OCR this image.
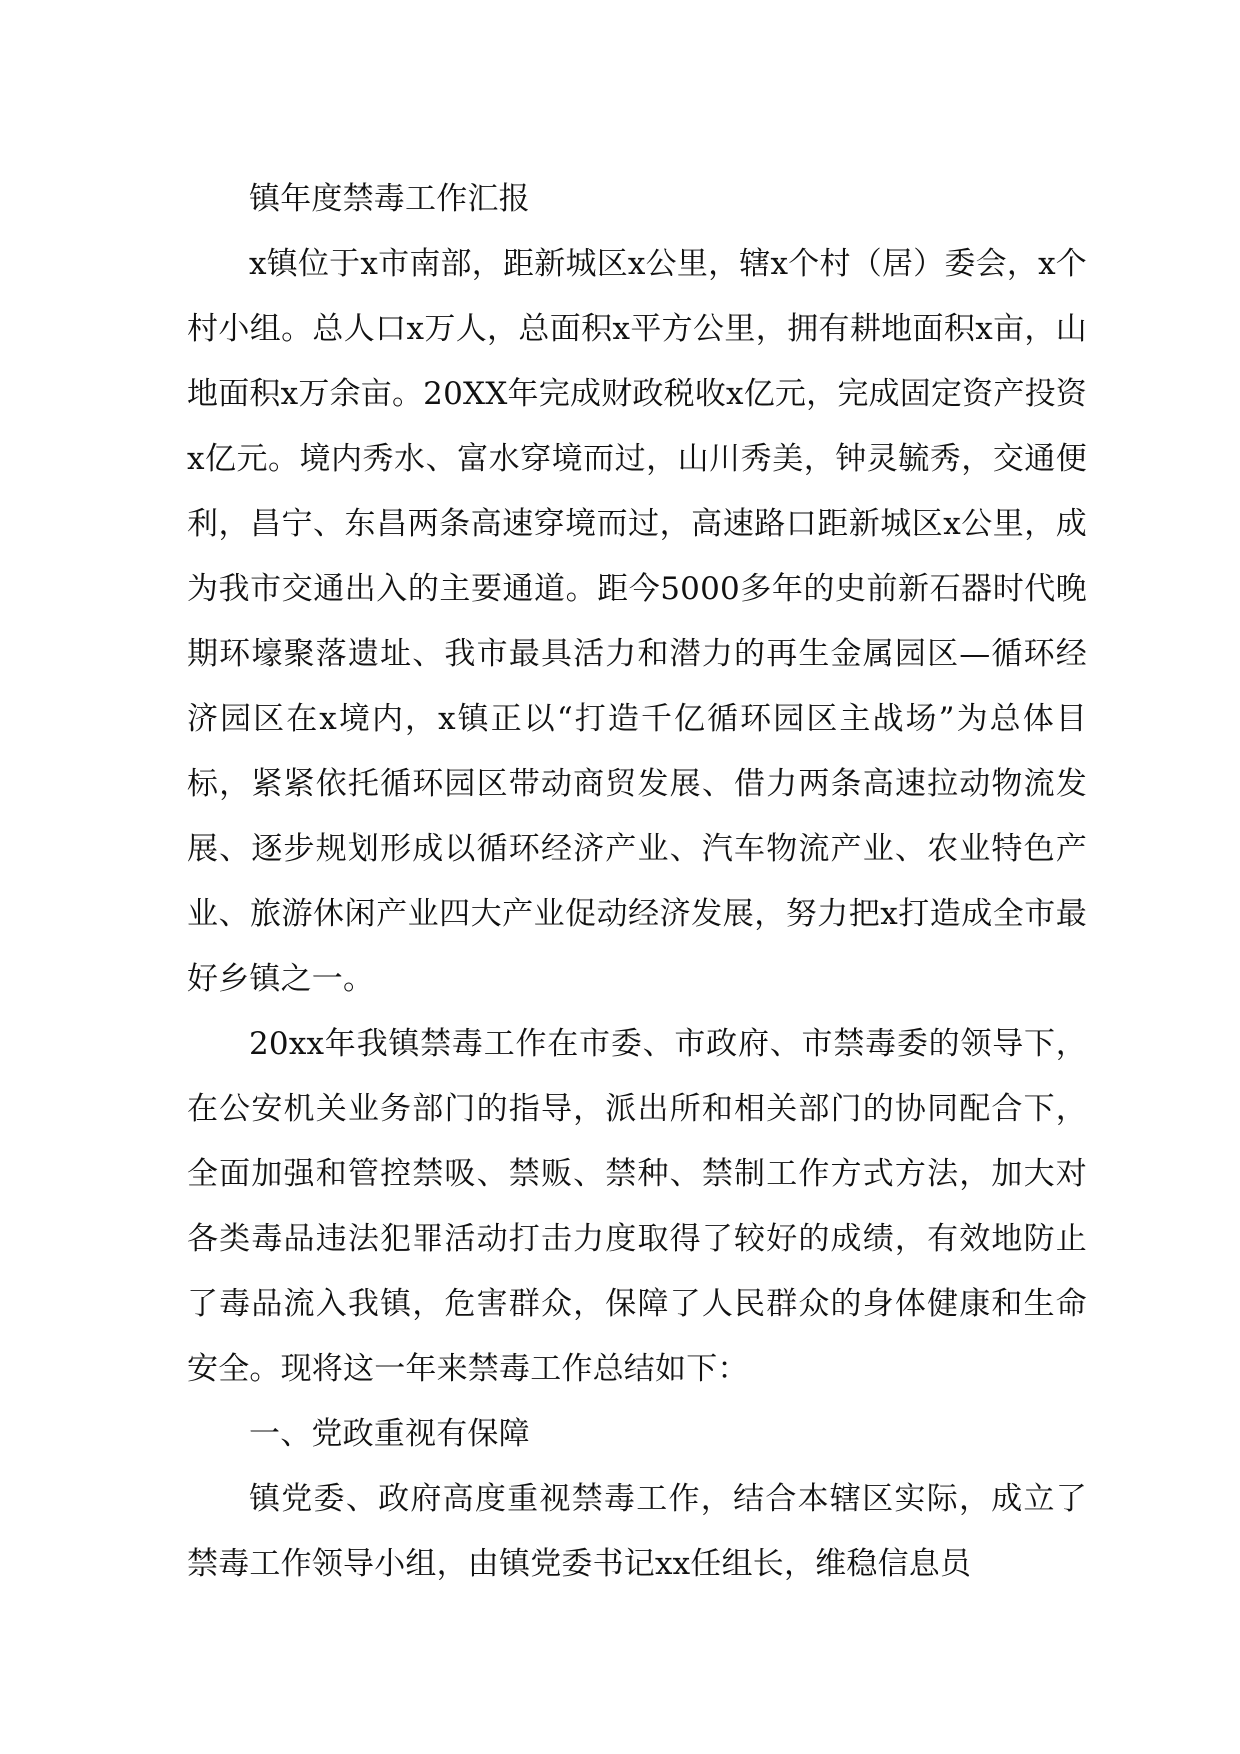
镇年度禁毒工作汇报

x镇位于x市南部，距新城区x公里，辖x个村（居）委会，x个村小组。总人口x万人，总面积x平方公里，拥有耕地面积x亩，山地面积x万余亩。20XX年完成财政税收x亿元，完成固定资产投资x亿元。境内秀水、富水穿境而过，山川秀美，钟灵毓秀，交通便利，昌宁、东昌两条高速穿境而过，高速路口距新城区x公里，成为我市交通出入的主要通道。距今5000多年的史前新石器时代晚期环壕聚落遗址、我市最具活力和潜力的再生金属园区—循环经济园区在x境内，x镇正以“打造千亿循环园区主战场”为总体目标，紧紧依托循环园区带动商贸发展、借力两条高速拉动物流发展、逐步规划形成以循环经济产业、汽车物流产业、农业特色产业、旅游休闲产业四大产业促动经济发展，努力把x打造成全市最好乡镇之一。

20xx年我镇禁毒工作在市委、市政府、市禁毒委的领导下，在公安机关业务部门的指导，派出所和相关部门的协同配合下，全面加强和管控禁吸、禁贩、禁种、禁制工作方式方法，加大对各类毒品违法犯罪活动打击力度取得了较好的成绩，有效地防止了毒品流入我镇，危害群众，保障了人民群众的身体健康和生命安全。现将这一年来禁毒工作总结如下：

一、党政重视有保障

镇党委、政府高度重视禁毒工作，结合本辖区实际，成立了禁毒工作领导小组，由镇党委书记xx任组长，维稳信息员
